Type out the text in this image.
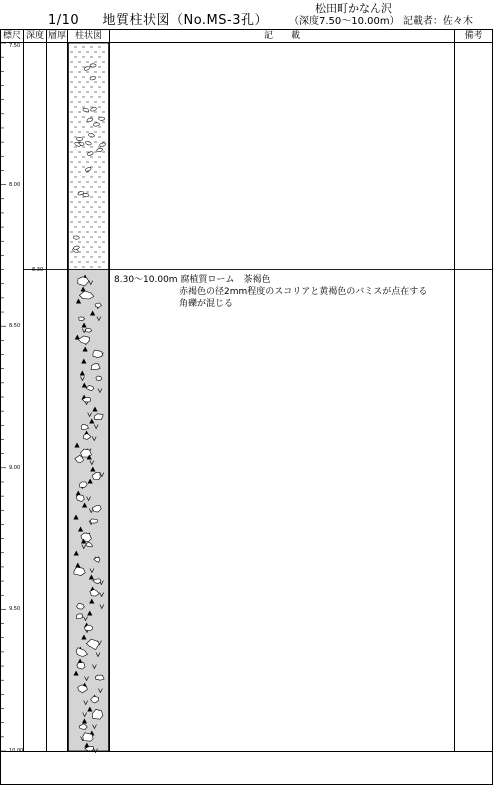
1/10 地質柱状図（No.MS-3孔）
松田町かなん沢
（深度7.50～10.00m） 記載者：佐々木
標尺 深度 層厚 柱状図	記　　載	備考
7.50
8.00
8.50
9.00
9.50
10.00
8.30
8.30～10.00m 腐植質ローム　茶褐色
赤褐色の径2mm程度のスコリアと黄褐色のバミスが点在する
角礫が混じる
